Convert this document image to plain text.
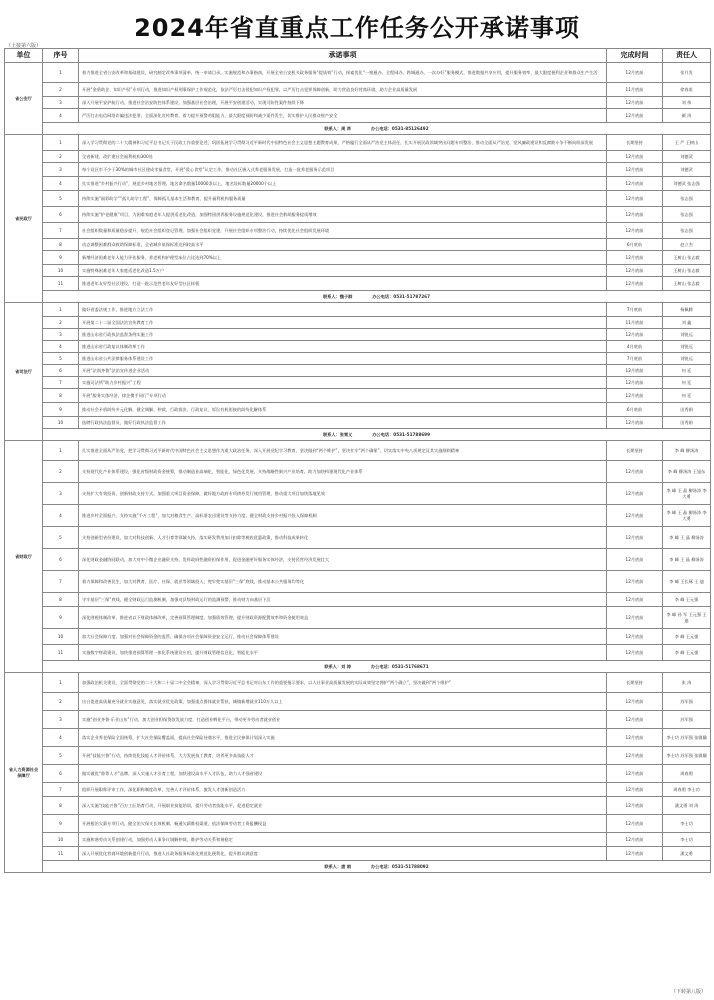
2024年省直重点工作任务公开承诺事项
（上接第六版）
单位	序号	承诺事项	完成时间	责任人
省公安厅	1	着力推进全省公安改革和基础建设，研究制定改革事项清单，统一申请目录，实施规范和办事指南，开展全省公安机关政务服务“提质效”行动，探索优化“一窗通办、全程网办、跨城通办、一次办好”服务模式，推进数据共享应用，提升服务效率，最大限度便利企业和群众生产生活	12月底前	张月发
	2	开展“金盾助企、知识产权”专项行动，推进知识产权刑事保护工作规范化，依法严厉打击侵犯知识产权犯罪，以严厉打击犯罪保障创新，助力营造良好营商环境，助力企业高质量发展	11月底前	徐春甫
	3	深入开展平安护航行动，推进社会治安防控体系建设，加强基层社会治理，开展平安创建活动，实现可防性案件持续下降	12月底前	刘 伟
	4	严厉打击电信网络诈骗违法犯罪，全面深化宣传教育，着力提升预警劝阻能力，最大限度预防和减少案件发生，切实维护人民群众财产安全	12月底前	颜 涛
	联系人：周 昂 办公电话：0531-85126492			
省民政厅	1	深入学习贯彻党的二十大精神和习近平总书记关于民政工作重要论述，巩固拓展学习贯彻习近平新时代中国特色社会主义思想主题教育成果，严格履行全面从严治党主体责任，扎实开展民政领域突出问题专项整治，推动全面从严治党、党风廉政建设和反腐败斗争不断向纵深发展	长期坚持	王 严 王树山
	2	全省新建、改扩建社会福利机构300处	12月底前	刘德武
	3	每个设区市不少于30%的城市社区建成幸福食堂，开展“爱心食堂”认定工作，推动社区嵌入式养老服务发展，打造一批养老服务示范项目	12月底前	刘德武
	4	扎实推进“乡村振兴行动”，规范乡村地名管理，地名命名数量10000条以上，地名设标数量20000个以上	12月底前	刘德武 张志强
	5	持续实施“福彩助学”“孤儿助学工程”，保障孤儿基本生活和教育，提升福利机构服务质量	12月底前	张志强
	6	持续实施“护老健康”项目，为困难家庭老年人提供适老化改造，加强特困供养服务设施规范化建设，推进社会救助服务提质增效	12月底前	张志强
	7	社会组织数量和质量稳步提升，规范社会组织登记管理，加强社会组织党建，开展社会组织专项整治行动，持续优化社会组织发展环境	12月底前	张志强
	8	动态调整困难群众救助保障标准，全省城乡低保标准达到较高水平	6月底前	赵立杰
	9	新增经济困难老年人能力评估服务，养老机构护理型床位占比达到70%以上	12月底前	王树山 张志毅
	10	实施特殊困难老年人家庭适老化改造1.5万户	12月底前	王树山 张志毅
	11	推进老年友好型社区建设，打造一批示范性老年友好型社区样板	12月底前	王树山 张志毅
	联系人：魏子群 办公电话：0531-51787267			
省司法厅	1	做好省委法规工作，推进地方立法工作	7月底前	杨佩腾
	2	开展第二十二届全国法治宣传教育工作	11月底前	刘 鑫
	3	推进山东省行政执法监督条例实施工作	12月底前	刘锐远
	4	推进山东省行政复议体制改革工作	4月底前	刘锐远
	5	推进山东省公共法律服务体系建设工作	7月底前	刘锐远
	6	开展“法润齐鲁”法治宣传进企业活动	12月底前	何 廷
	7	实施司法所“助力乡村振兴”工程	12月底前	何 廷
	8	开展“服务实体经济，律企携手同行”专项行动	12月底前	何 廷
	9	推动社会矛盾纠纷多元化解，健全调解、仲裁、行政裁决、行政复议、诉讼有机衔接的纠纷化解体系	6月底前	田秀娟
	10	选聘行政执法监督员，做好行政执法监督工作	12月底前	田秀娟
	联系人：张雪义 办公电话：0531-51788699			
省财政厅	1	扎实推进全面从严治党，把学习贯彻习近平新时代中国特色社会主义思想作为重大政治任务，深入开展党纪学习教育，坚决做到“两个维护”，坚决扛牢“两个确保”，切实落实中央八项规定及其实施细则精神	长期坚持	李 峰 柳汤涛
	2	支持现代化产业体系建设，强化省级财政资金统筹，推动制造业高端化、智能化、绿色化发展，支持战略性新兴产业培育，助力加快构建现代化产业体系	12月底前	李 峰 柳汤涛 王旭东
	3	支持扩大有效投资，创新财政支持方式，加强重大项目资金保障，做好地方政府专项债券发行使用管理，推动重大项目加快落地见效	12月底前	李 峰 王 晶 柳汤涛 李大勇
	4	推进乡村全面振兴，支持实施“千万工程”，加大对粮食生产、高标准农田建设等支持力度，健全财政支持乡村振兴投入保障机制	12月底前	李 峰 王 晶 柳汤涛 李大勇
	5	支持创新型省份建设，加大对科技创新、人才引育等领域支持，落实研发费用加计扣除等税收优惠政策，推动科技成果转化	12月底前	李 峰 王 晶 柳汤涛
	6	深化财政金融协同联动，加大对中小微企业融资支持，发挥政府性融资担保作用，促进金融更好服务实体经济，支持民营经济发展壮大	12月底前	李 峰 王 晶 柳汤涛
	7	着力保障和改善民生，加大对教育、医疗、社保、就业等领域投入，兜牢兜实基层“三保”底线，推动基本公共服务均等化	12月底前	李 峰 王长琢 王 迪
	8	守牢基层“三保”底线，健全财政运行监测机制，加强对县级财政运行的监测预警，推动财力向基层下沉	12月底前	李 峰 王元强
	9	深化财税体制改革，推进省以下财政体制改革，完善预算管理制度，加强绩效管理，提升财政资源配置效率和资金使用效益	12月底前	李 峰 孙 军 王元强 王 迪
	10	加大社会保障力度，加强对社会保障资金的监管，确保各项社会保障资金安全运行，推动社会保障体系建设	12月底前	李 峰 王元强
	11	实施数字财政建设，加快推进预算管理一体化系统建设应用，提升财政管理信息化、智能化水平	12月底前	李 峰 王元强
	联系人：刘 涛 办公电话：0531-51768671			
省人力资源社会保障厅	1	加强政治机关建设，全面贯彻党的二十大和二十届二中全会精神，深入学习贯彻习近平总书记对山东工作的重要指示要求，以人社事业高质量发展的实际成效坚定拥护“两个确立”，坚决做到“两个维护”	长期坚持	张 涛
	2	出台促进高质量充分就业实施意见，落实就业优先政策，加强重点群体就业帮扶，城镇新增就业110万人以上	12月底前	苏军强
	3	实施“创业齐鲁·乐业山东”行动，加大创业担保贷款发放力度，打造创业孵化平台，带动更多劳动者就业创业	12月底前	苏军强
	4	落实企业养老保险全国统筹，扩大社会保险覆盖面，提高社会保险待遇水平，推进全民参保计划深入实施	12月底前	李士功 苏军强 张骐骥
	5	开展“技能兴鲁”行动，持续优化技能人才评价体系，大力发展技工教育，培养更多高技能人才	12月底前	李士功 苏军强 张骐骥
	6	做实做优“鲁粤人才”品牌，深入实施人才引育工程，加快建设高水平人才队伍，助力人才强省建设	12月底前	周春照
	7	组织开展职称评审工作，深化职称制度改革，完善人才评价体系，激发人才创新创造活力	12月底前	周春照 李士功
	8	深入实施“技能兴鲁”百万工匠培育行动，开展职业技能培训，提升劳动者技能水平，促进稳定就业	12月底前	潘文勇 刘 涛
	9	开展根治欠薪专项行动，健全治欠保支长效机制，畅通欠薪维权渠道，依法保障劳动者工资报酬权益	12月底前	李士功
	10	实施和谐劳动关系创建行动，加强劳动人事争议调解仲裁，维护劳动关系和谐稳定	12月底前	李士功
	11	深入开展优化营商环境创新提升行动，推进人社政务服务标准化规范化便利化，提升群众满意度	12月底前	潘文勇
	联系人：唐 娟 办公电话：0531-51788092			
（下转第八版）
